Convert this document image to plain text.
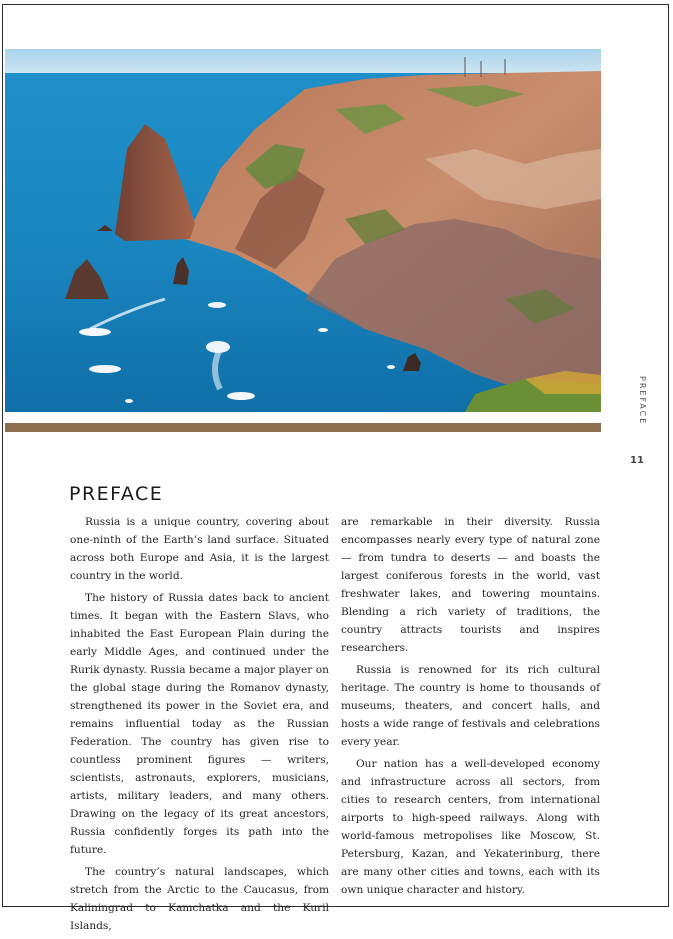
PREFACE
11
PREFACE

Russia is a unique country, covering about one-ninth of the Earth’s land surface. Situated across both Europe and Asia, it is the largest country in the world.

The history of Russia dates back to ancient times. It began with the Eastern Slavs, who inhabited the East European Plain during the early Middle Ages, and continued under the Rurik dynasty. Russia became a major player on the global stage during the Romanov dynasty, strengthened its power in the Soviet era, and remains influential today as the Russian Federation. The country has given rise to countless prominent figures — writers, scientists, astronauts, explorers, musicians, artists, military leaders, and many others. Drawing on the legacy of its great ancestors, Russia confidently forges its path into the future.

The country’s natural landscapes, which stretch from the Arctic to the Caucasus, from Kaliningrad to Kamchatka and the Kuril Islands,

are remarkable in their diversity. Russia encompasses nearly every type of natural zone — from tundra to deserts — and boasts the largest coniferous forests in the world, vast freshwater lakes, and towering mountains. Blending a rich variety of traditions, the country attracts tourists and inspires researchers.

Russia is renowned for its rich cultural heritage. The country is home to thousands of museums, theaters, and concert halls, and hosts a wide range of festivals and celebrations every year.

Our nation has a well-developed economy and infrastructure across all sectors, from cities to research centers, from international airports to high-speed railways. Along with world-famous metropolises like Moscow, St. Petersburg, Kazan, and Yekaterinburg, there are many other cities and towns, each with its own unique character and history.
